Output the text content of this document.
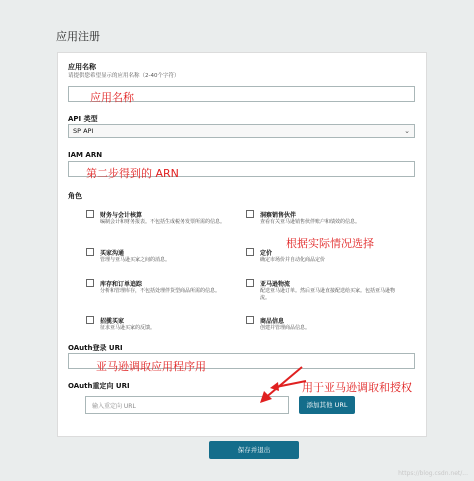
应用注册
应用名称
请提供您希望显示的应用名称（2-40个字符）
应用名称
API 类型
SP API	⌄
IAM ARN
第二步得到的 ARN
角色
财务与会计核算
编制会计和财务报表。不包括生成税务发票所需的信息。
洞察销售伙伴
查看有关亚马逊销售伙伴账户和绩效的信息。
买家沟通
管理与亚马逊买家之间的消息。
定价
确定市场价并自动化商品定价
根据实际情况选择
库存和订单追踪
分析和管理库存，不包括处理伴货型商品所需的信息。
亚马逊物流
配送亚马逊订单。然后亚马逊直接配送给买家。包括亚马逊物流。
招揽买家
征求亚马逊买家的反馈。
商品信息
创建并管理商品信息。
OAuth登录 URI
亚马逊调取应用程序用
OAuth重定向 URI
输入重定向 URL	添加其他 URL
用于亚马逊调取和授权
保存并退出
https://blog.csdn.net/...
